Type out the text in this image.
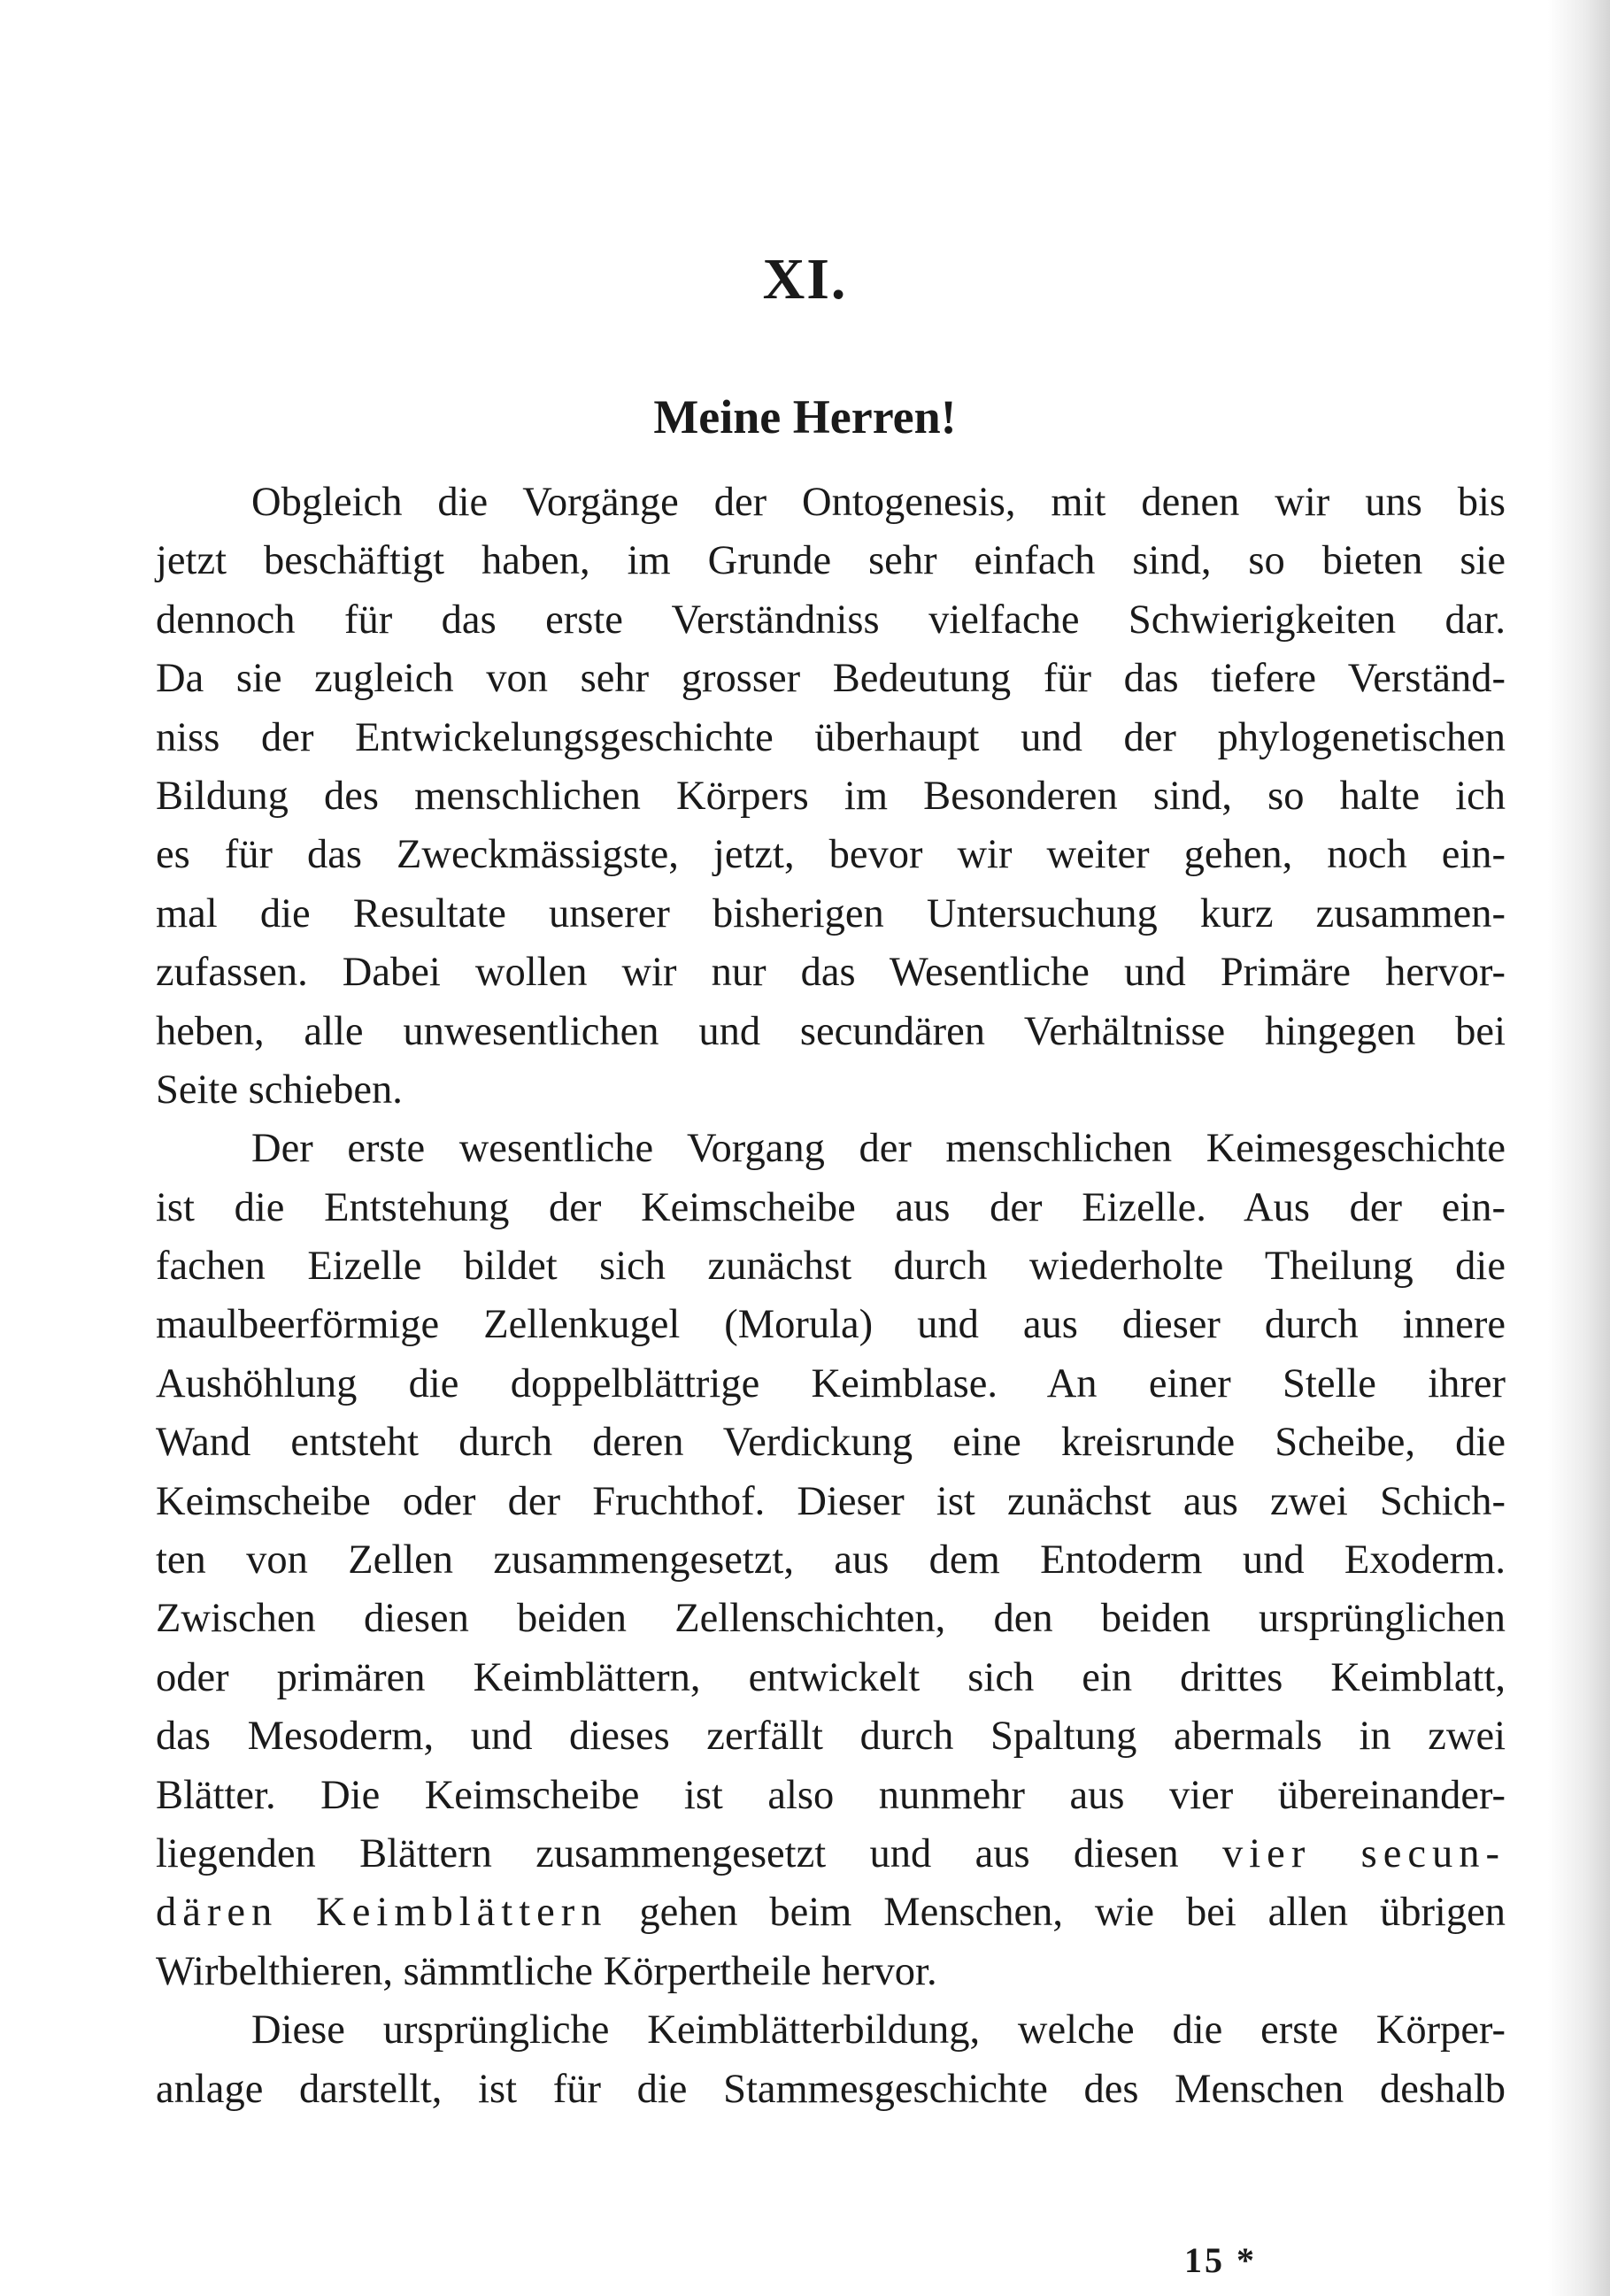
XI.
Meine Herren!
Obgleich die Vorgänge der Ontogenesis, mit denen wir uns bis
jetzt beschäftigt haben, im Grunde sehr einfach sind, so bieten sie
dennoch für das erste Verständniss vielfache Schwierigkeiten dar.
Da sie zugleich von sehr grosser Bedeutung für das tiefere Verständ-
niss der Entwickelungsgeschichte überhaupt und der phylogenetischen
Bildung des menschlichen Körpers im Besonderen sind, so halte ich
es für das Zweckmässigste, jetzt, bevor wir weiter gehen, noch ein-
mal die Resultate unserer bisherigen Untersuchung kurz zusammen-
zufassen. Dabei wollen wir nur das Wesentliche und Primäre hervor-
heben, alle unwesentlichen und secundären Verhältnisse hingegen bei
Seite schieben.
Der erste wesentliche Vorgang der menschlichen Keimesgeschichte
ist die Entstehung der Keimscheibe aus der Eizelle. Aus der ein-
fachen Eizelle bildet sich zunächst durch wiederholte Theilung die
maulbeerförmige Zellenkugel (Morula) und aus dieser durch innere
Aushöhlung die doppelblättrige Keimblase. An einer Stelle ihrer
Wand entsteht durch deren Verdickung eine kreisrunde Scheibe, die
Keimscheibe oder der Fruchthof. Dieser ist zunächst aus zwei Schich-
ten von Zellen zusammengesetzt, aus dem Entoderm und Exoderm.
Zwischen diesen beiden Zellenschichten, den beiden ursprünglichen
oder primären Keimblättern, entwickelt sich ein drittes Keimblatt,
das Mesoderm, und dieses zerfällt durch Spaltung abermals in zwei
Blätter. Die Keimscheibe ist also nunmehr aus vier übereinander-
liegenden Blättern zusammengesetzt und aus diesen vier secun-
dären Keimblättern gehen beim Menschen, wie bei allen übrigen
Wirbelthieren, sämmtliche Körpertheile hervor.
Diese ursprüngliche Keimblätterbildung, welche die erste Körper-
anlage darstellt, ist für die Stammesgeschichte des Menschen deshalb
15 *
